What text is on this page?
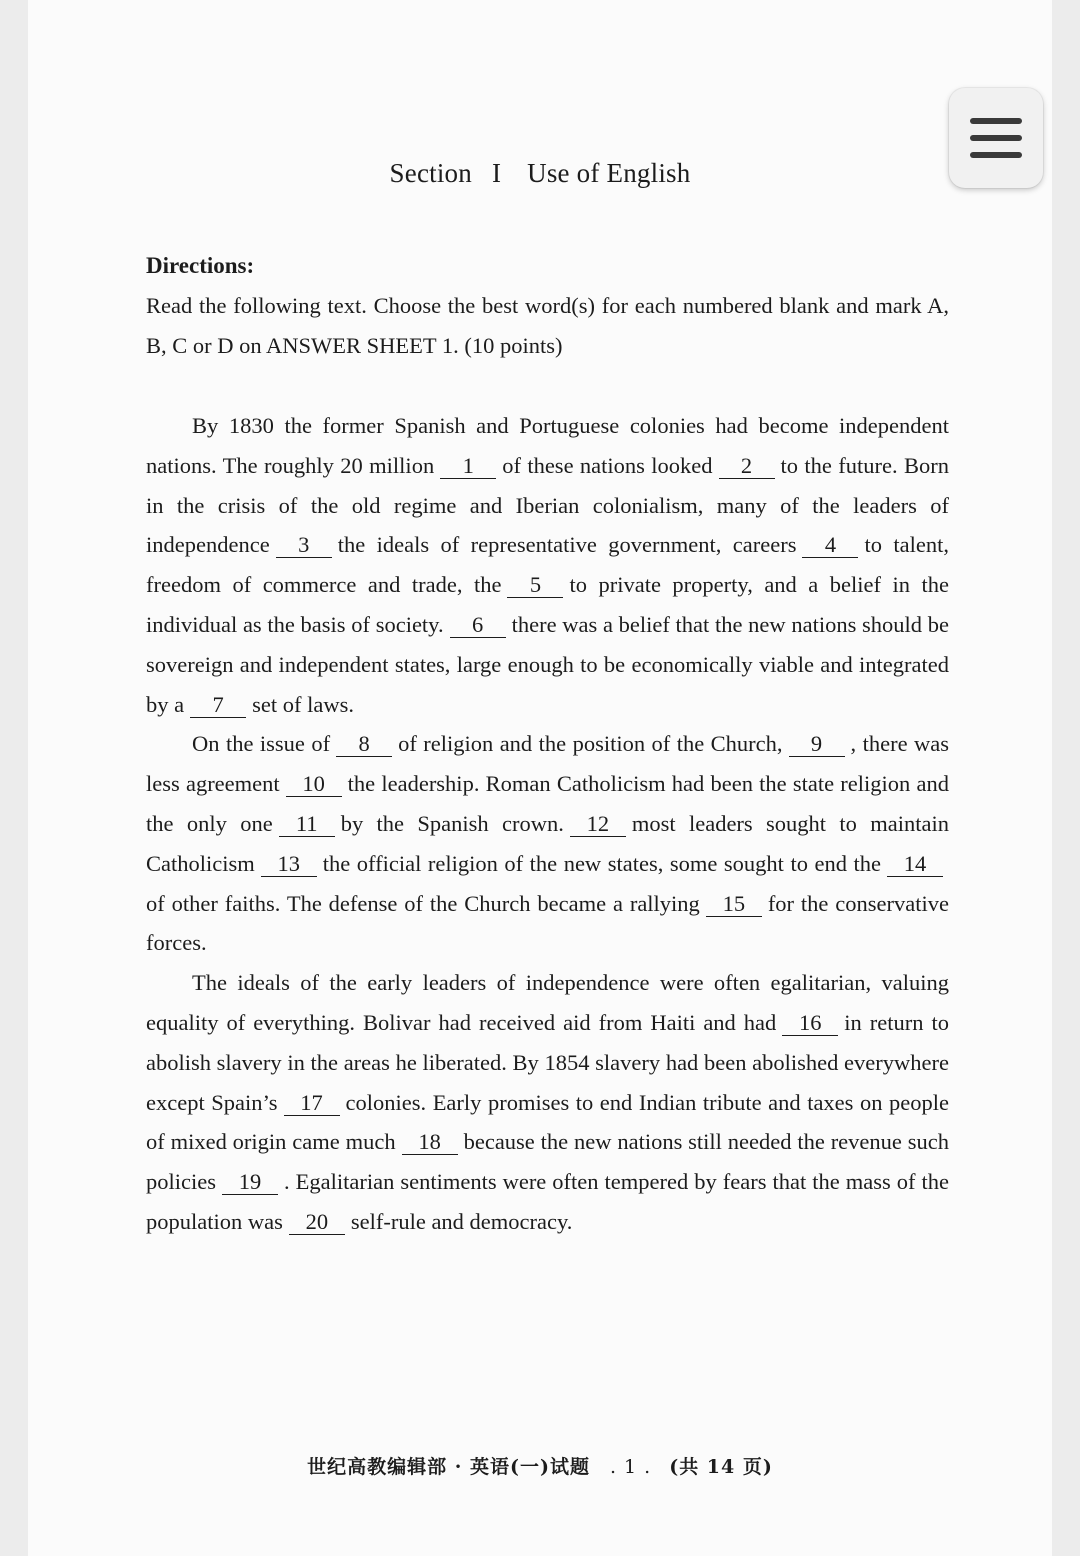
Section I Use of English
Directions:
Read the following text. Choose the best word(s) for each numbered blank and mark A, B, C or D on ANSWER SHEET 1. (10 points)

By 1830 the former Spanish and Portuguese colonies had become independent nations. The roughly 20 million 1 of these nations looked 2 to the future. Born in the crisis of the old regime and Iberian colonialism, many of the leaders of independence 3 the ideals of representative government, careers 4 to talent, freedom of commerce and trade, the 5 to private property, and a belief in the individual as the basis of society. 6 there was a belief that the new nations should be sovereign and independent states, large enough to be economically viable and integrated by a 7 set of laws.

On the issue of 8 of religion and the position of the Church, 9 , there was less agreement 10 the leadership. Roman Catholicism had been the state religion and the only one 11 by the Spanish crown. 12 most leaders sought to maintain Catholicism 13 the official religion of the new states, some sought to end the 14of other faiths. The defense of the Church became a rallying 15 for the conservative forces.

The ideals of the early leaders of independence were often egalitarian, valuing equality of everything. Bolivar had received aid from Haiti and had 16 in return to abolish slavery in the areas he liberated. By 1854 slavery had been abolished everywhere except Spain’s 17 colonies. Early promises to end Indian tribute and taxes on people of mixed origin came much 18 because the new nations still needed the revenue such policies 19 . Egalitarian sentiments were often tempered by fears that the mass of the population was 20 self-rule and democracy.

世纪高教编辑部 · 英语(一)试题 . 1 . (共 14 页)
